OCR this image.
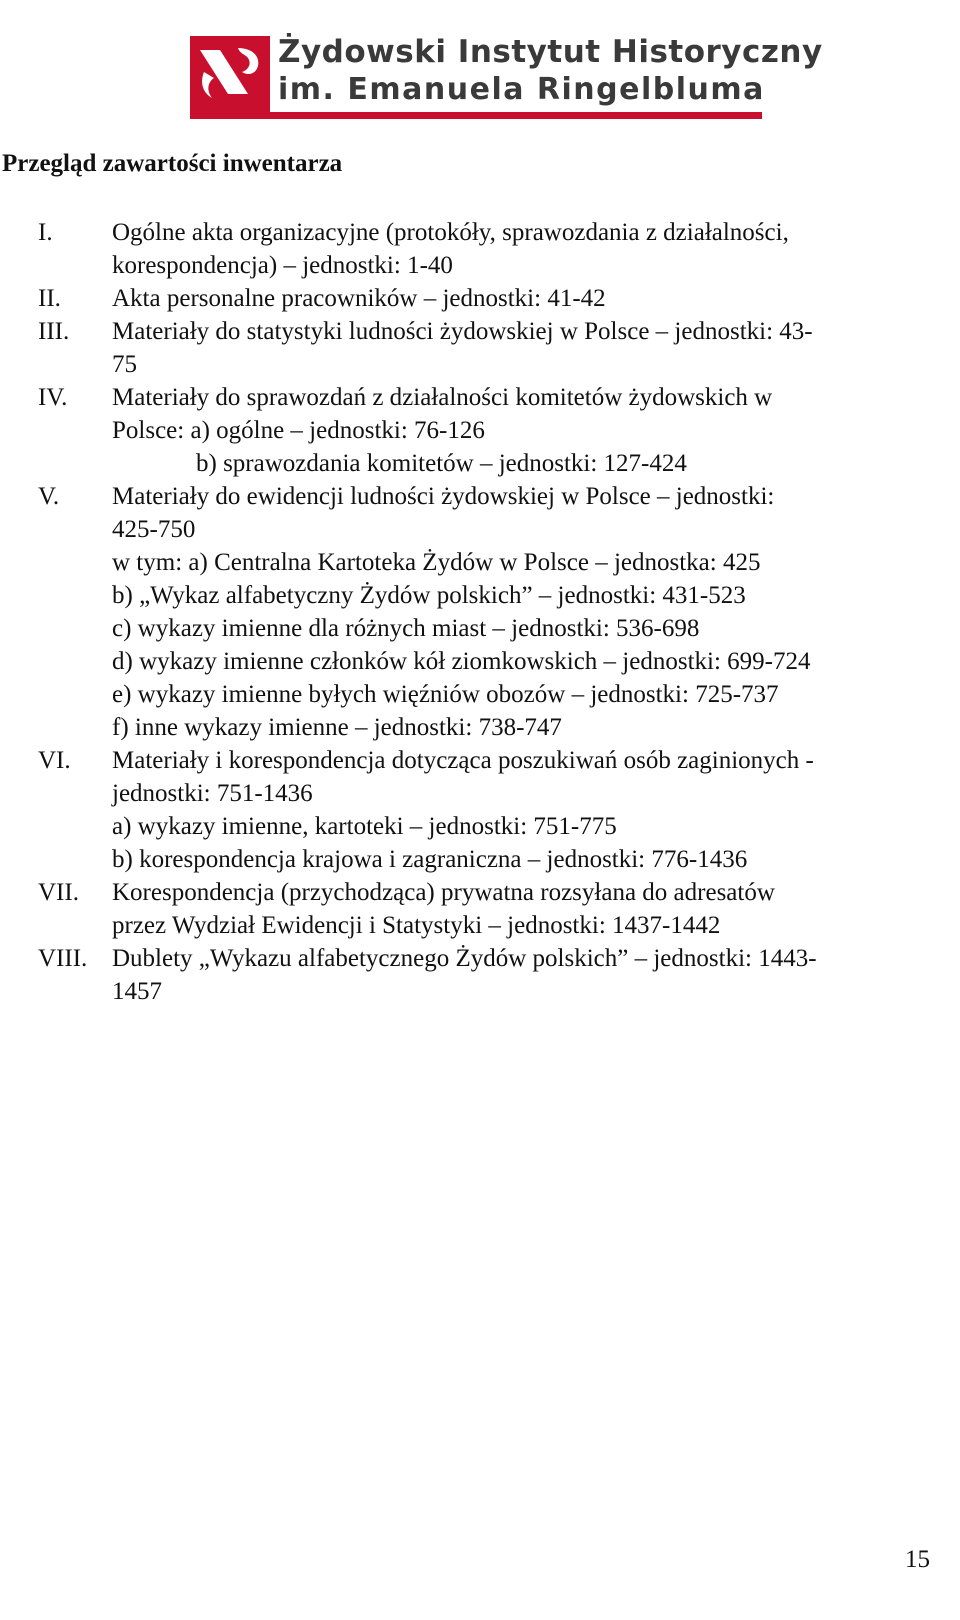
Żydowski Instytut Historyczny
im. Emanuela Ringelbluma
Przegląd zawartości inwentarza
I. Ogólne akta organizacyjne (protokóły, sprawozdania z działalności,
korespondencja) – jednostki: 1-40
II. Akta personalne pracowników – jednostki: 41-42
III. Materiały do statystyki ludności żydowskiej w Polsce – jednostki: 43-
75
IV. Materiały do sprawozdań z działalności komitetów żydowskich w
Polsce: a) ogólne – jednostki: 76-126
b) sprawozdania komitetów – jednostki: 127-424
V. Materiały do ewidencji ludności żydowskiej w Polsce – jednostki:
425-750
w tym: a) Centralna Kartoteka Żydów w Polsce – jednostka: 425
b) „Wykaz alfabetyczny Żydów polskich” – jednostki: 431-523
c) wykazy imienne dla różnych miast – jednostki: 536-698
d) wykazy imienne członków kół ziomkowskich – jednostki: 699-724
e) wykazy imienne byłych więźniów obozów – jednostki: 725-737
f) inne wykazy imienne – jednostki: 738-747
VI. Materiały i korespondencja dotycząca poszukiwań osób zaginionych -
jednostki: 751-1436
a) wykazy imienne, kartoteki – jednostki: 751-775
b) korespondencja krajowa i zagraniczna – jednostki: 776-1436
VII. Korespondencja (przychodząca) prywatna rozsyłana do adresatów
przez Wydział Ewidencji i Statystyki – jednostki: 1437-1442
VIII. Dublety „Wykazu alfabetycznego Żydów polskich” – jednostki: 1443-
1457
15
